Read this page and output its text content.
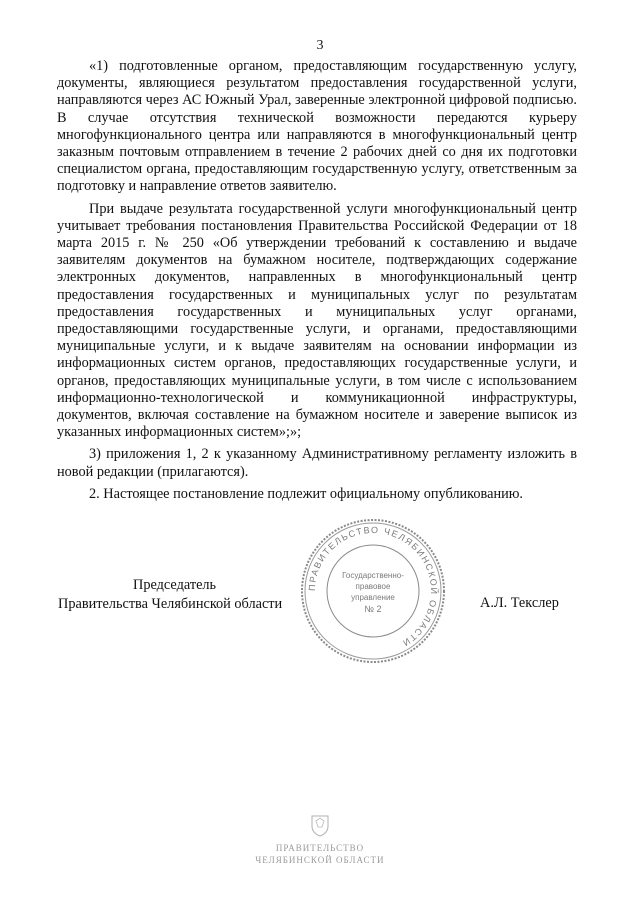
3

«1) подготовленные органом, предоставляющим государственную услугу, документы, являющиеся результатом предоставления государственной услуги, направляются через АС Южный Урал, заверенные электронной цифровой подписью. В случае отсутствия технической возможности передаются курьеру многофункционального центра или направляются в многофункциональный центр заказным почтовым отправлением в течение 2 рабочих дней со дня их подготовки специалистом органа, предоставляющим государственную услугу, ответственным за подготовку и направление ответов заявителю.

При выдаче результата государственной услуги многофункциональный центр учитывает требования постановления Правительства Российской Федерации от 18 марта 2015 г. № 250 «Об утверждении требований к составлению и выдаче заявителям документов на бумажном носителе, подтверждающих содержание электронных документов, направленных в многофункциональный центр предоставления государственных и муниципальных услуг по результатам предоставления государственных и муниципальных услуг органами, предоставляющими государственные услуги, и органами, предоставляющими муниципальные услуги, и к выдаче заявителям на основании информации из информационных систем органов, предоставляющих государственные услуги, и органов, предоставляющих муниципальные услуги, в том числе с использованием информационно-технологической и коммуникационной инфраструктуры, документов, включая составление на бумажном носителе и заверение выписок из указанных информационных систем»;»;

3) приложения 1, 2 к указанному Административному регламенту изложить в новой редакции (прилагаются).

2. Настоящее постановление подлежит официальному опубликованию.

Председатель
Правительства Челябинской области	А.Л. Текслер
ПРАВИТЕЛЬСТВО ЧЕЛЯБИНСКОЙ ОБЛАСТИ
Государственно-
правовое
управление
№ 2
ПРАВИТЕЛЬСТВО
ЧЕЛЯБИНСКОЙ ОБЛАСТИ
